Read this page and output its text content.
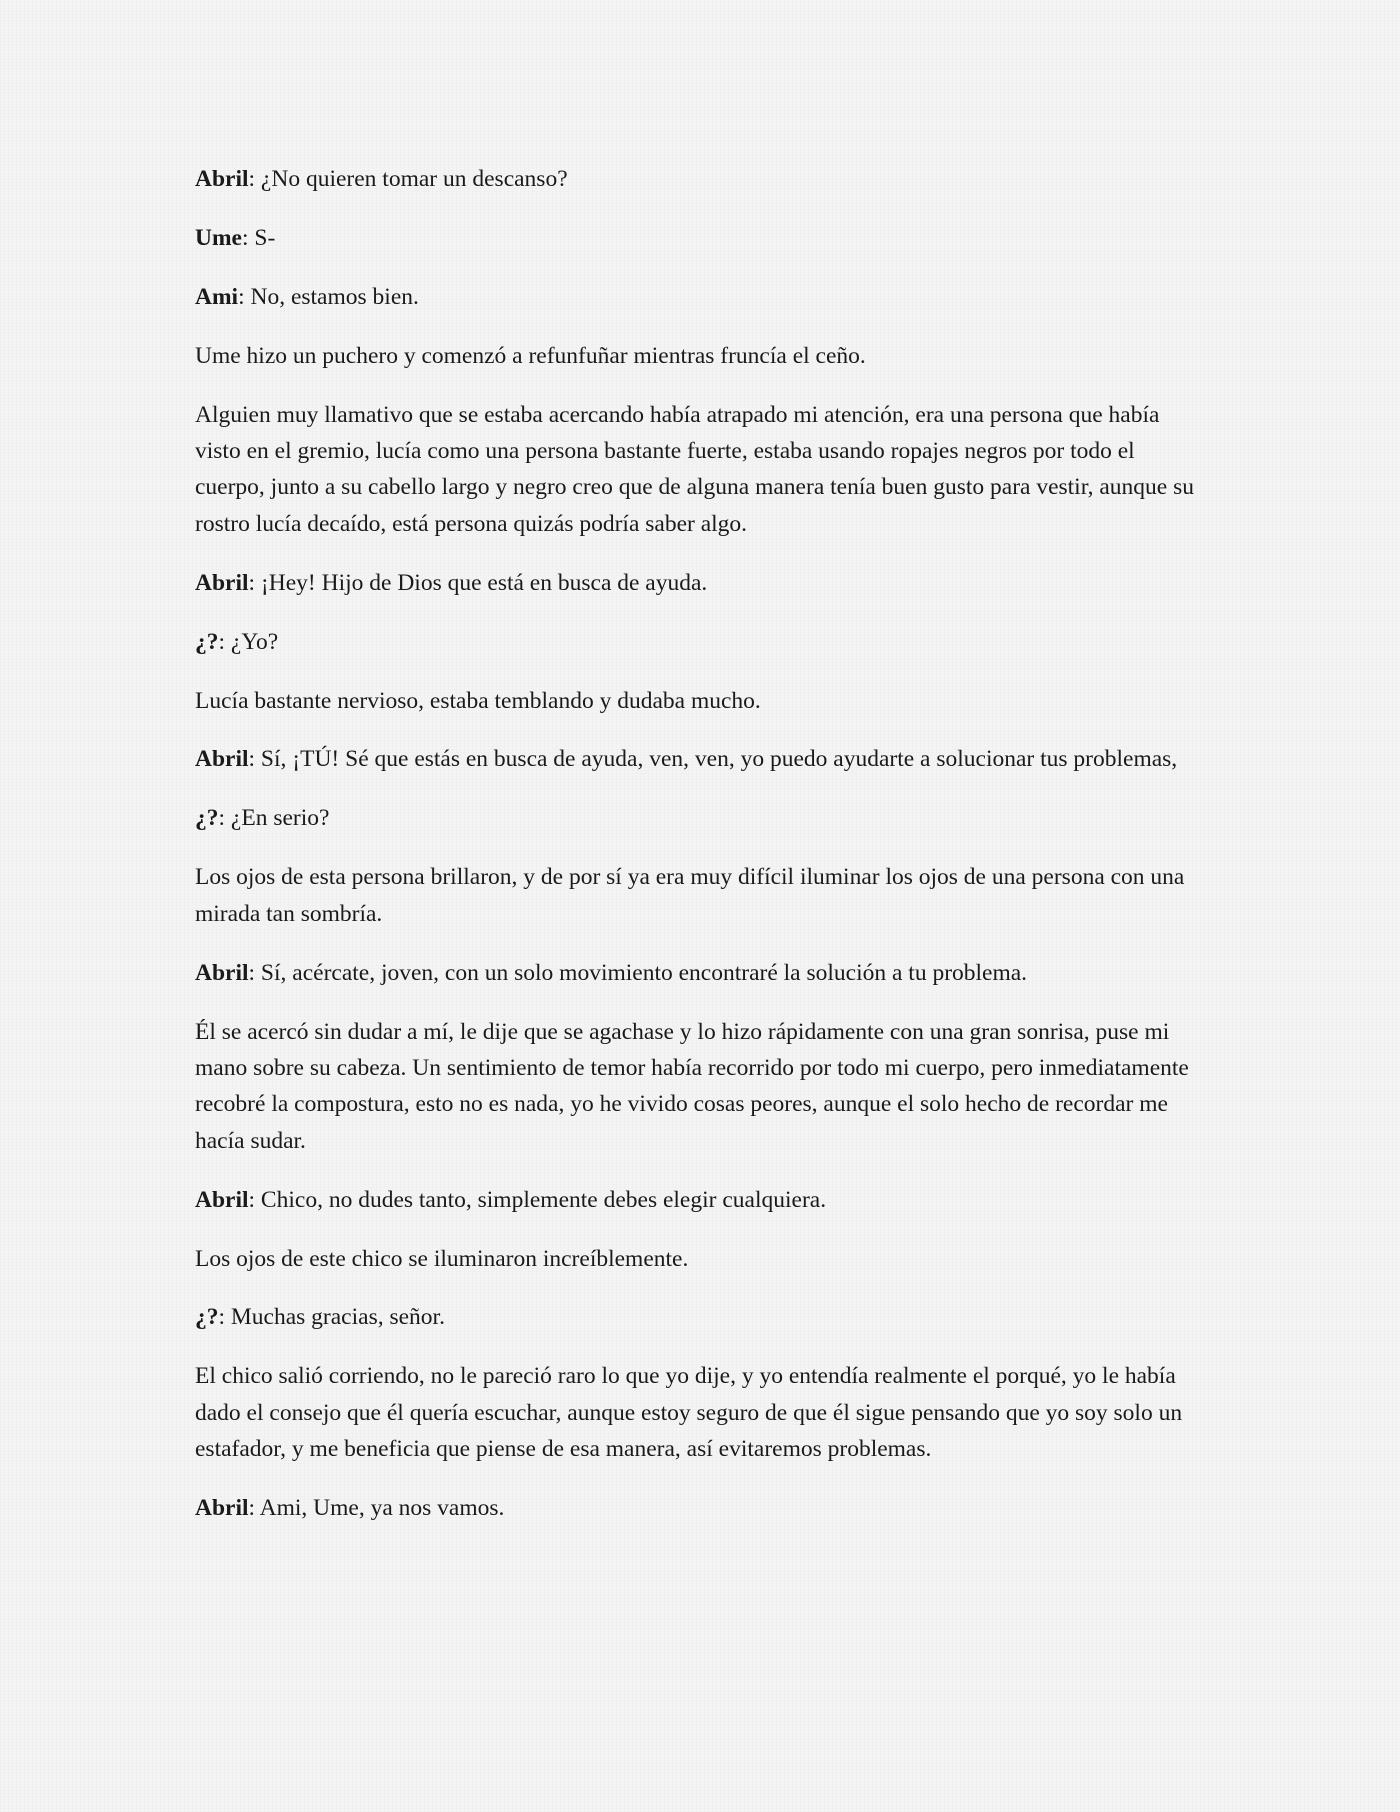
Abril: ¿No quieren tomar un descanso?

Ume: S-

Ami: No, estamos bien.

Ume hizo un puchero y comenzó a refunfuñar mientras fruncía el ceño.

Alguien muy llamativo que se estaba acercando había atrapado mi atención, era una persona que había visto en el gremio, lucía como una persona bastante fuerte, estaba usando ropajes negros por todo el cuerpo, junto a su cabello largo y negro creo que de alguna manera tenía buen gusto para vestir, aunque su rostro lucía decaído, está persona quizás podría saber algo.

Abril: ¡Hey! Hijo de Dios que está en busca de ayuda.

¿?: ¿Yo?

Lucía bastante nervioso, estaba temblando y dudaba mucho.

Abril: Sí, ¡TÚ! Sé que estás en busca de ayuda, ven, ven, yo puedo ayudarte a solucionar tus problemas,

¿?: ¿En serio?

Los ojos de esta persona brillaron, y de por sí ya era muy difícil iluminar los ojos de una persona con una mirada tan sombría.

Abril: Sí, acércate, joven, con un solo movimiento encontraré la solución a tu problema.

Él se acercó sin dudar a mí, le dije que se agachase y lo hizo rápidamente con una gran sonrisa, puse mi mano sobre su cabeza. Un sentimiento de temor había recorrido por todo mi cuerpo, pero inmediatamente recobré la compostura, esto no es nada, yo he vivido cosas peores, aunque el solo hecho de recordar me hacía sudar.

Abril: Chico, no dudes tanto, simplemente debes elegir cualquiera.

Los ojos de este chico se iluminaron increíblemente.

¿?: Muchas gracias, señor.

El chico salió corriendo, no le pareció raro lo que yo dije, y yo entendía realmente el porqué, yo le había dado el consejo que él quería escuchar, aunque estoy seguro de que él sigue pensando que yo soy solo un estafador, y me beneficia que piense de esa manera, así evitaremos problemas.

Abril: Ami, Ume, ya nos vamos.
